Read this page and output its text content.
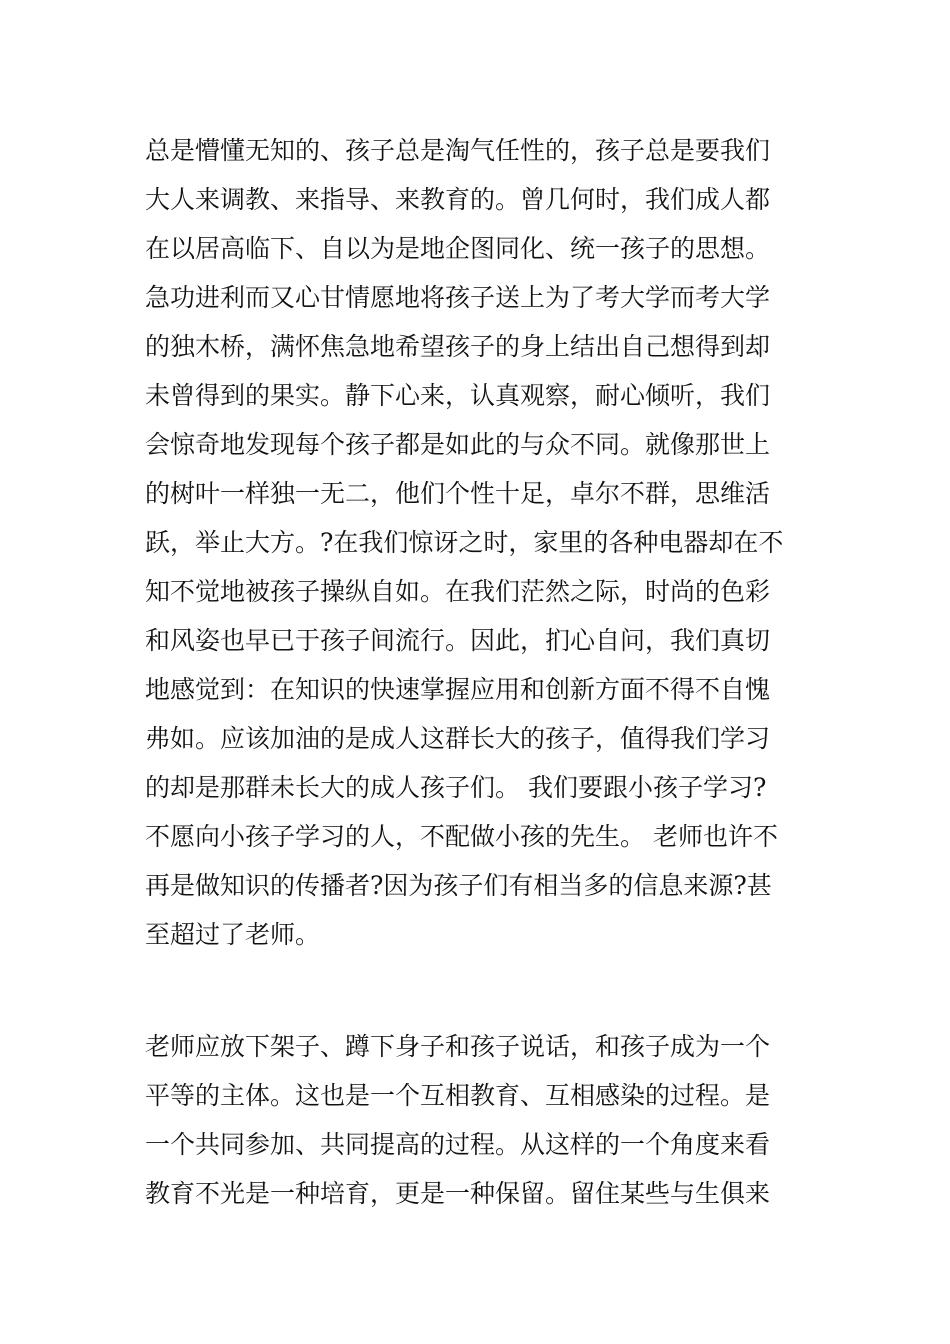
总是懵懂无知的、孩子总是淘气任性的，孩子总是要我们
大人来调教、来指导、来教育的。曾几何时，我们成人都
在以居高临下、自以为是地企图同化、统一孩子的思想。
急功进利而又心甘情愿地将孩子送上为了考大学而考大学
的独木桥，满怀焦急地希望孩子的身上结出自己想得到却
未曾得到的果实。静下心来，认真观察，耐心倾听，我们
会惊奇地发现每个孩子都是如此的与众不同。就像那世上
的树叶一样独一无二，他们个性十足，卓尔不群，思维活
跃，举止大方。?在我们惊讶之时，家里的各种电器却在不
知不觉地被孩子操纵自如。在我们茫然之际，时尚的色彩
和风姿也早已于孩子间流行。因此，扪心自问，我们真切
地感觉到：在知识的快速掌握应用和创新方面不得不自愧
弗如。应该加油的是成人这群长大的孩子，值得我们学习
的却是那群未长大的成人孩子们。 我们要跟小孩子学习?
不愿向小孩子学习的人，不配做小孩的先生。 老师也许不
再是做知识的传播者?因为孩子们有相当多的信息来源?甚
至超过了老师。
老师应放下架子、蹲下身子和孩子说话，和孩子成为一个
平等的主体。这也是一个互相教育、互相感染的过程。是
一个共同参加、共同提高的过程。从这样的一个角度来看
教育不光是一种培育，更是一种保留。留住某些与生俱来
